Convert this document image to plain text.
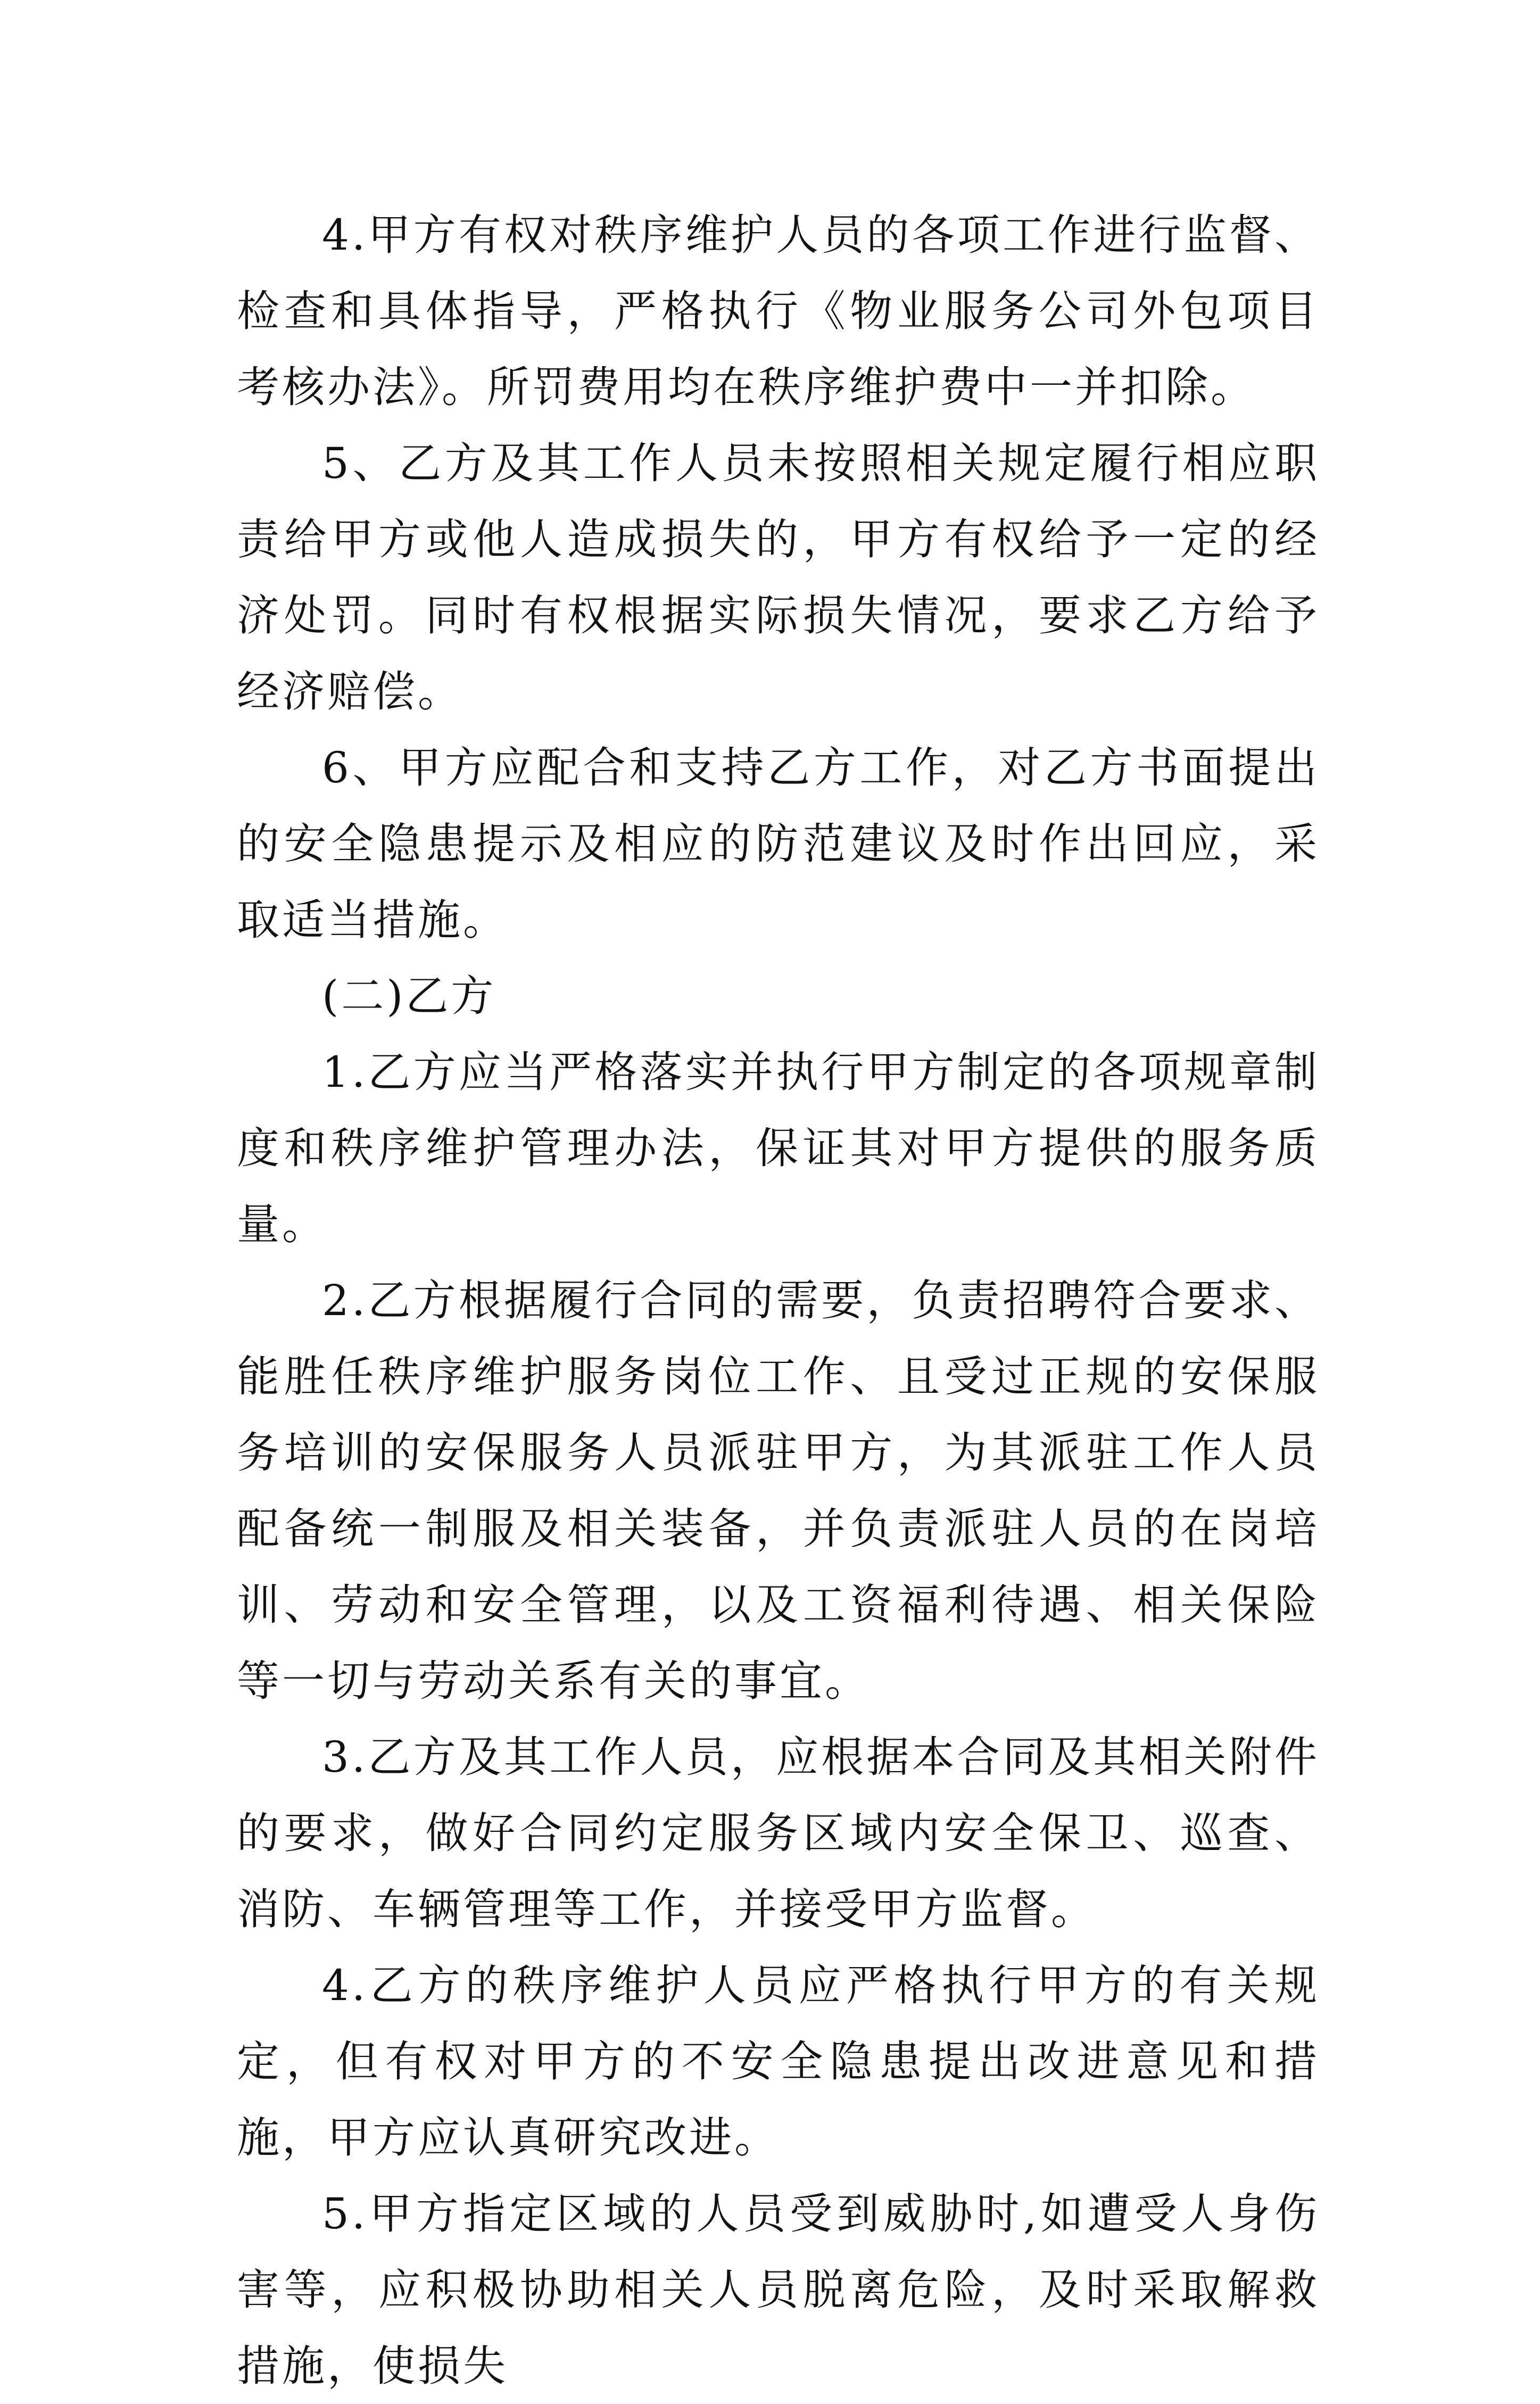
4.甲方有权对秩序维护人员的各项工作进行监督、检查和具体指导，严格执行《物业服务公司外包项目考核办法》。所罚费用均在秩序维护费中一并扣除。

5、乙方及其工作人员未按照相关规定履行相应职责给甲方或他人造成损失的，甲方有权给予一定的经济处罚。同时有权根据实际损失情况，要求乙方给予经济赔偿。

6、甲方应配合和支持乙方工作，对乙方书面提出的安全隐患提示及相应的防范建议及时作出回应，采取适当措施。

(二)乙方

1.乙方应当严格落实并执行甲方制定的各项规章制度和秩序维护管理办法，保证其对甲方提供的服务质量。

2.乙方根据履行合同的需要，负责招聘符合要求、能胜任秩序维护服务岗位工作、且受过正规的安保服务培训的安保服务人员派驻甲方，为其派驻工作人员配备统一制服及相关装备，并负责派驻人员的在岗培训、劳动和安全管理，以及工资福利待遇、相关保险等一切与劳动关系有关的事宜。

3.乙方及其工作人员，应根据本合同及其相关附件的要求，做好合同约定服务区域内安全保卫、巡查、消防、车辆管理等工作，并接受甲方监督。

4.乙方的秩序维护人员应严格执行甲方的有关规定，但有权对甲方的不安全隐患提出改进意见和措施，甲方应认真研究改进。

5.甲方指定区域的人员受到威胁时,如遭受人身伤害等，应积极协助相关人员脱离危险，及时采取解救措施，使损失
